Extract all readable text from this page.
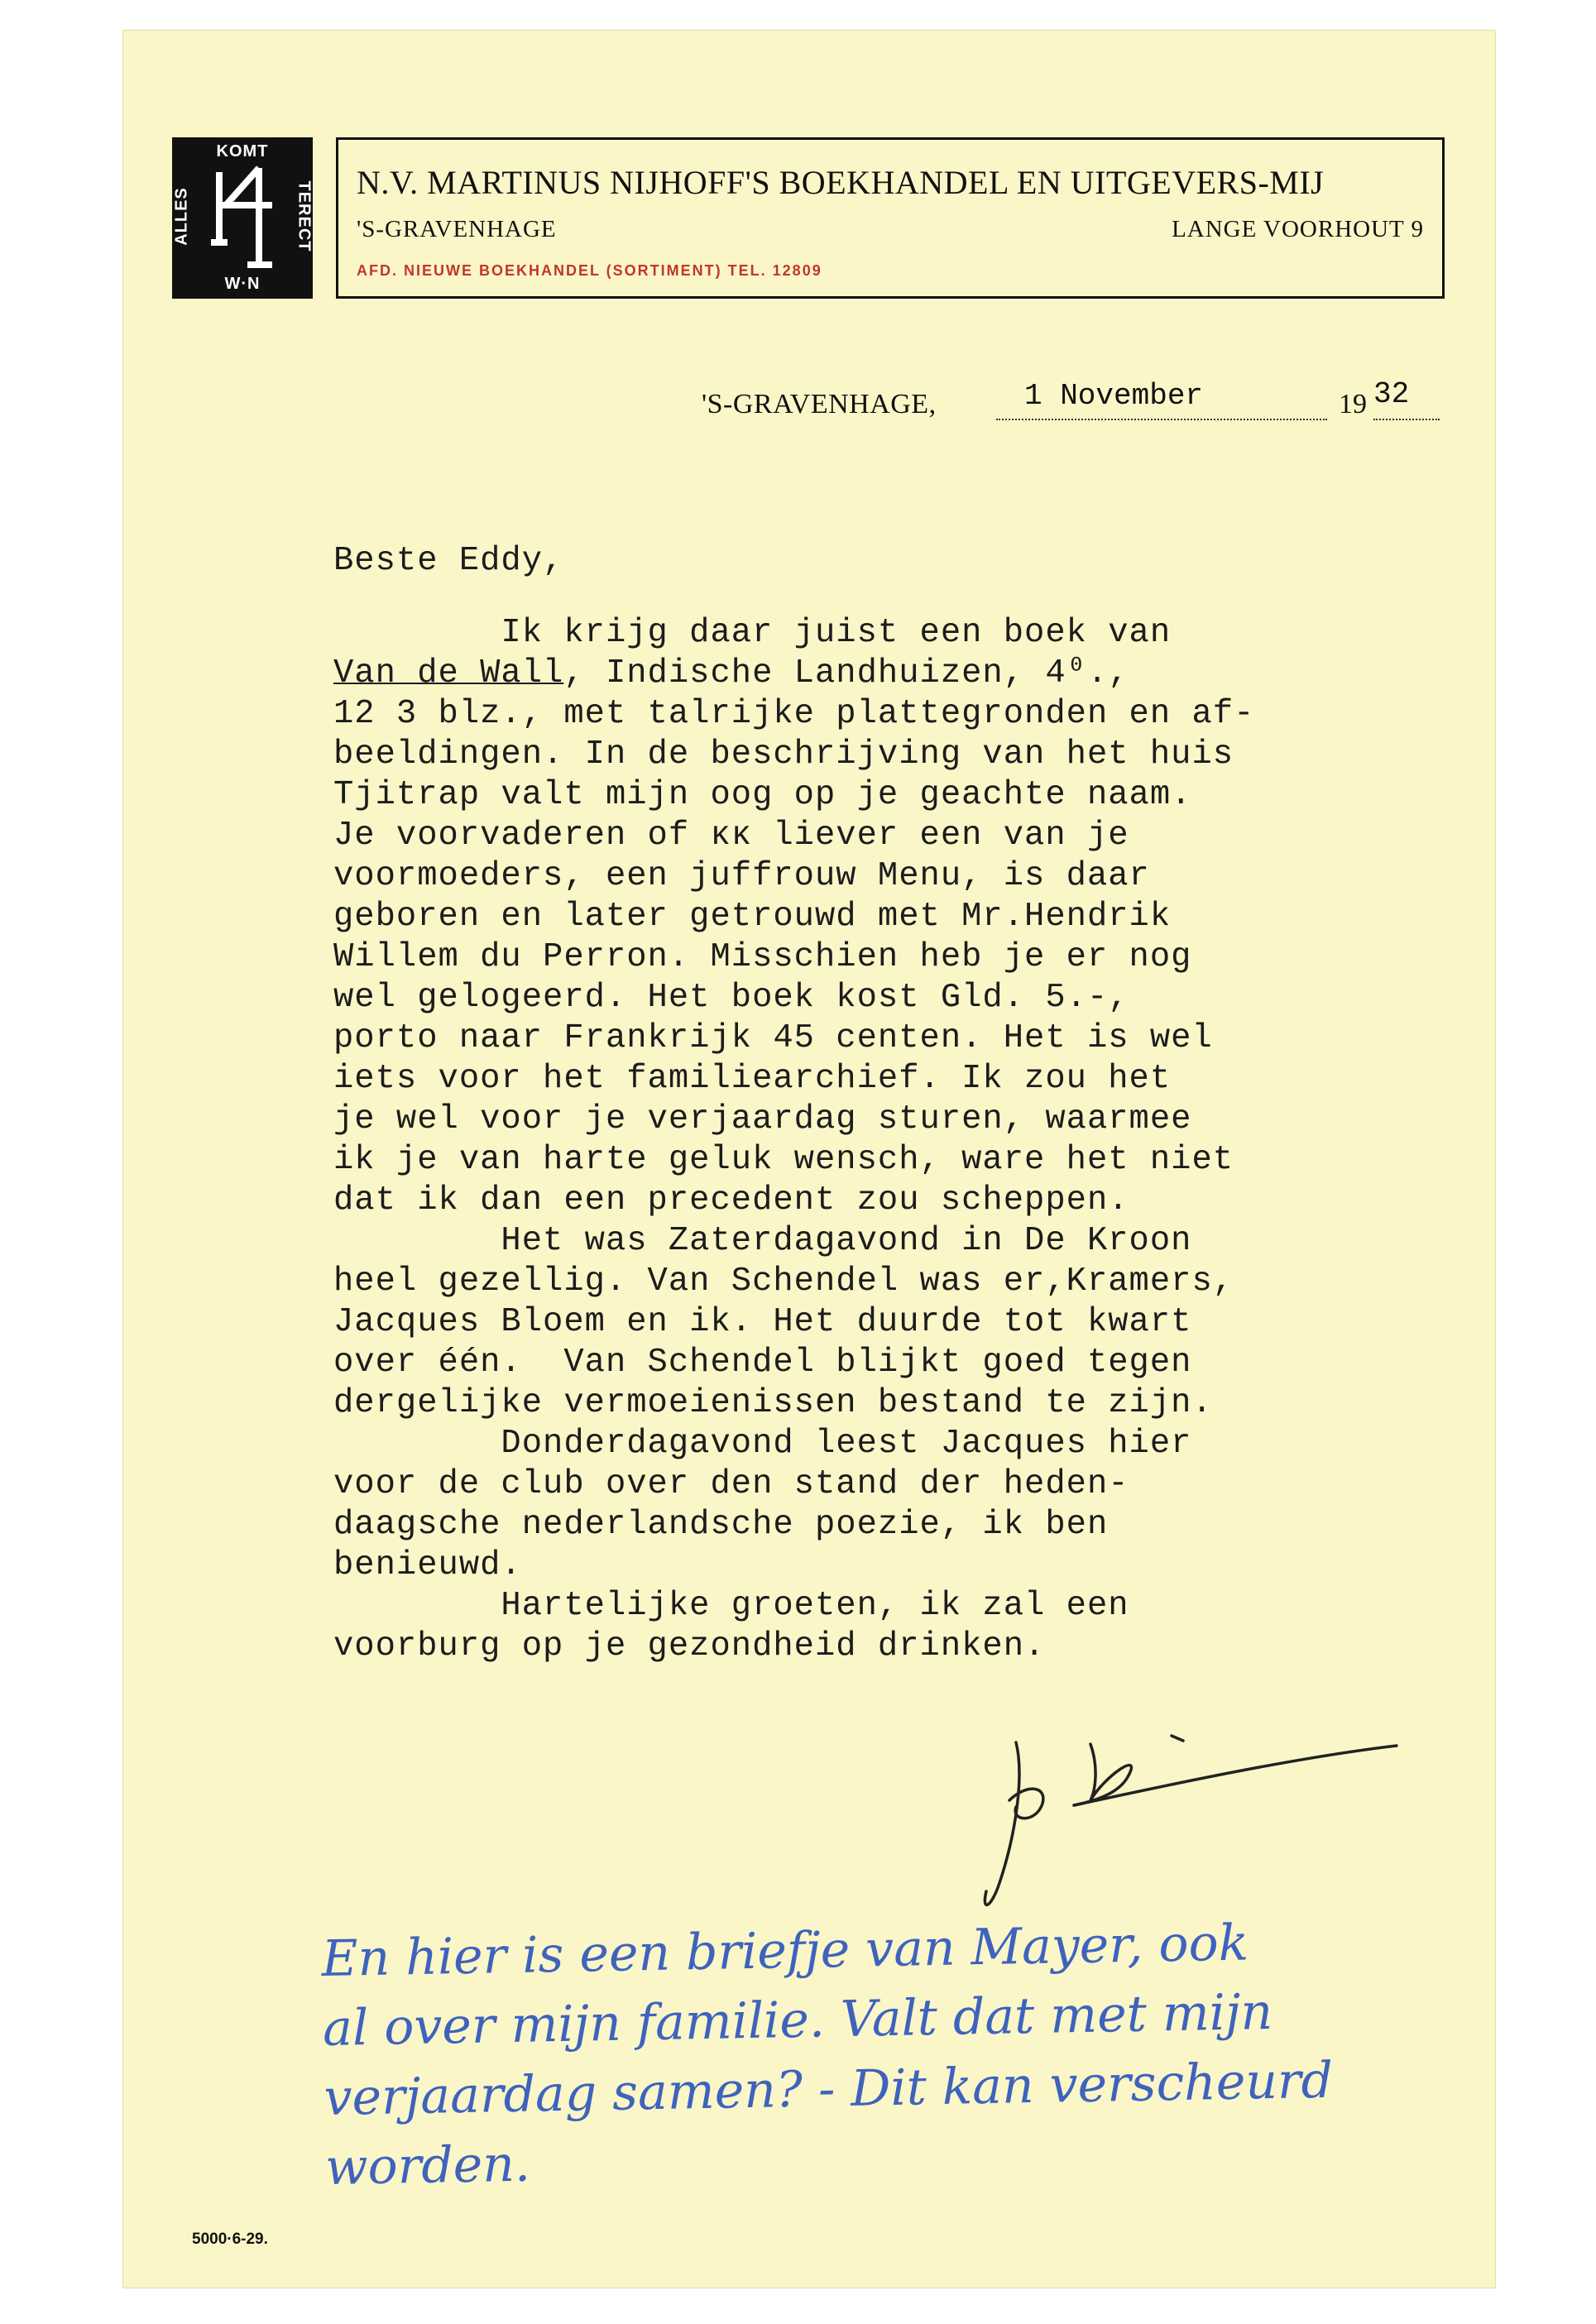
KOMT
ALLES	TERECT
W·N
N.V. MARTINUS NIJHOFF'S BOEKHANDEL EN UITGEVERS-MIJ
'S-GRAVENHAGE	LANGE VOORHOUT 9
AFD. NIEUWE BOEKHANDEL (SORTIMENT) TEL. 12809
'S-GRAVENHAGE,	1 November	19 32
Beste Eddy,
Ik krijg daar juist een boek van
Van de Wall, Indische Landhuizen, 4⁰.,
12 3 blz., met talrijke plattegronden en af-
beeldingen. In de beschrijving van het huis
Tjitrap valt mijn oog op je geachte naam.
Je voorvaderen of ᴋᴋ liever een van je
voormoeders, een juffrouw Menu, is daar
geboren en later getrouwd met Mr.Hendrik
Willem du Perron. Misschien heb je er nog
wel gelogeerd. Het boek kost Gld. 5.-,
porto naar Frankrijk 45 centen. Het is wel
iets voor het familiearchief. Ik zou het
je wel voor je verjaardag sturen, waarmee
ik je van harte geluk wensch, ware het niet
dat ik dan een precedent zou scheppen.
Het was Zaterdagavond in De Kroon
heel gezellig. Van Schendel was er,Kramers,
Jacques Bloem en ik. Het duurde tot kwart
over één.  Van Schendel blijkt goed tegen
dergelijke vermoeienissen bestand te zijn.
Donderdagavond leest Jacques hier
voor de club over den stand der heden-
daagsche nederlandsche poezie, ik ben
benieuwd.
Hartelijke groeten, ik zal een
voorburg op je gezondheid drinken.
En hier is een briefje van Mayer, ook
al over mijn familie. Valt dat met mijn
verjaardag samen? - Dit kan verscheurd
worden.
5000·6-29.
